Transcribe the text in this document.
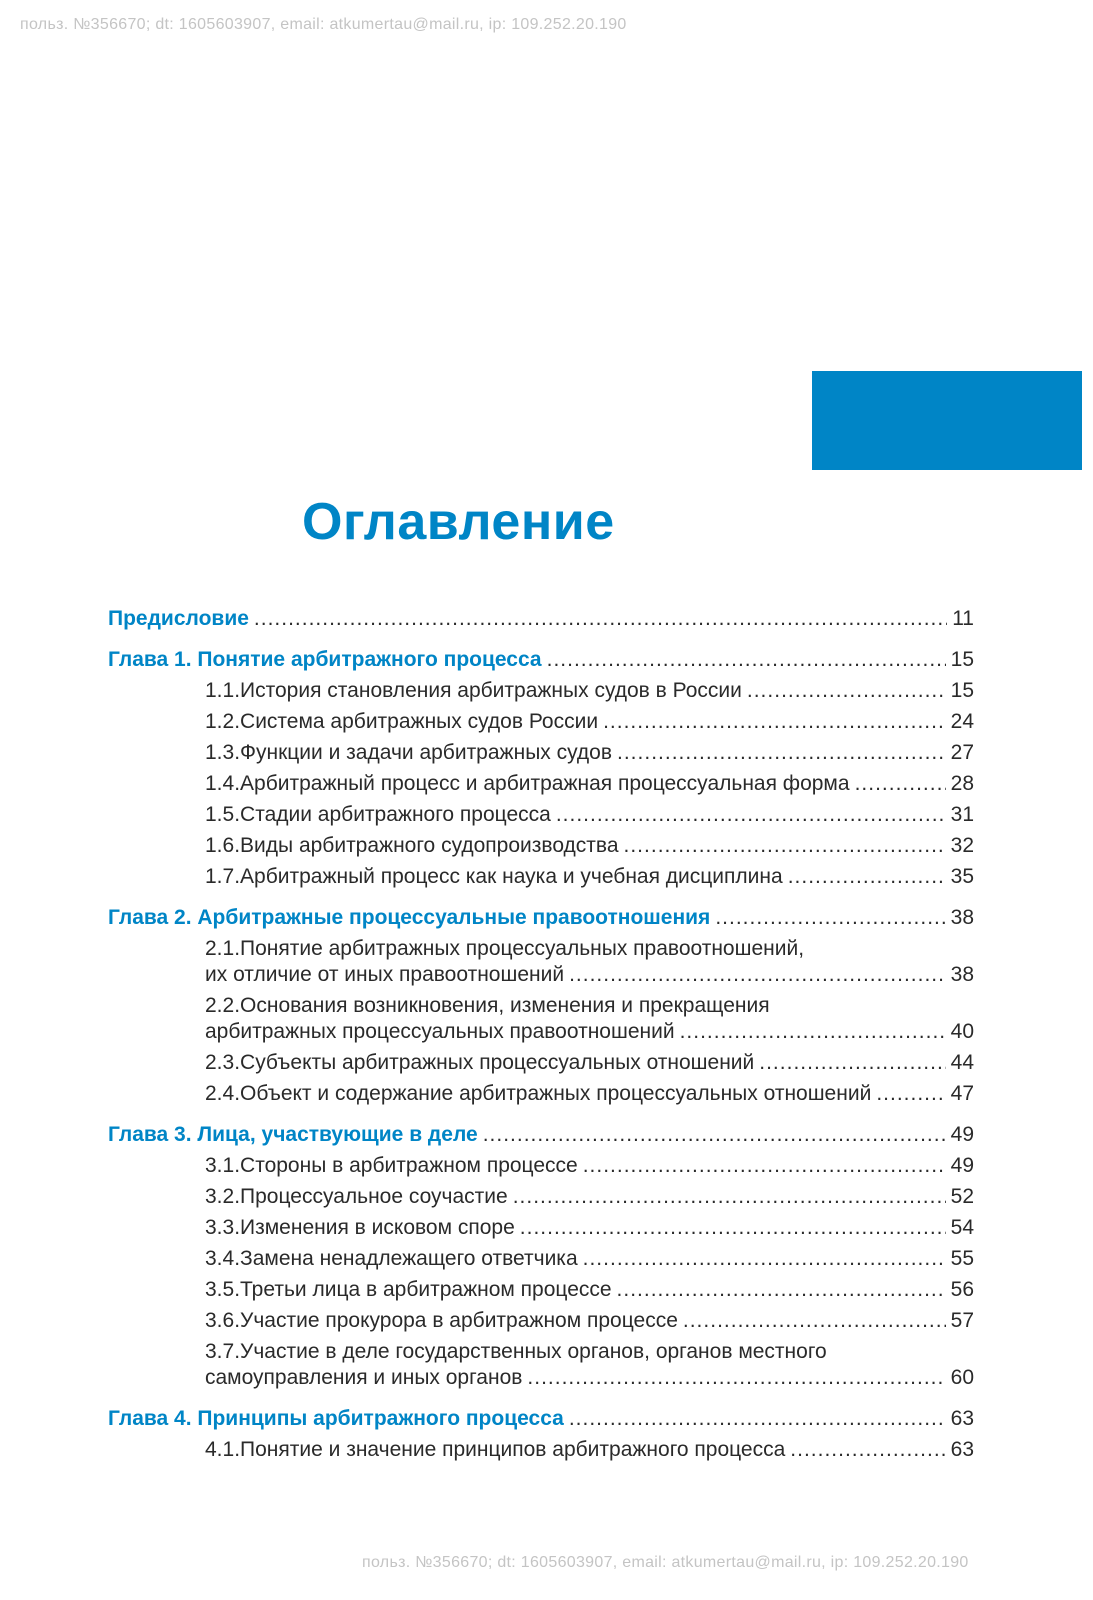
польз. №356670; dt: 1605603907, email: atkumertau@mail.ru, ip: 109.252.20.190
Оглавление
Предисловие .....	11
Глава 1. Понятие арбитражного процесса .....	15
1.1.История становления арбитражных судов в России .....	15
1.2.Система арбитражных судов России .....	24
1.3.Функции и задачи арбитражных судов .....	27
1.4.Арбитражный процесс и арбитражная процессуальная форма .....	28
1.5.Стадии арбитражного процесса .....	31
1.6.Виды арбитражного судопроизводства .....	32
1.7.Арбитражный процесс как наука и учебная дисциплина .....	35
Глава 2. Арбитражные процессуальные правоотношения .....	38
2.1.Понятие арбитражных процессуальных правоотношений,
их отличие от иных правоотношений .....	38
2.2.Основания возникновения, изменения и прекращения
арбитражных процессуальных правоотношений .....	40
2.3.Субъекты арбитражных процессуальных отношений .....	44
2.4.Объект и содержание арбитражных процессуальных отношений .....	47
Глава 3. Лица, участвующие в деле .....	49
3.1.Стороны в арбитражном процессе .....	49
3.2.Процессуальное соучастие .....	52
3.3.Изменения в исковом споре .....	54
3.4.Замена ненадлежащего ответчика .....	55
3.5.Третьи лица в арбитражном процессе .....	56
3.6.Участие прокурора в арбитражном процессе .....	57
3.7.Участие в деле государственных органов, органов местного
самоуправления и иных органов .....	60
Глава 4. Принципы арбитражного процесса .....	63
4.1.Понятие и значение принципов арбитражного процесса .....	63
польз. №356670; dt: 1605603907, email: atkumertau@mail.ru, ip: 109.252.20.190
